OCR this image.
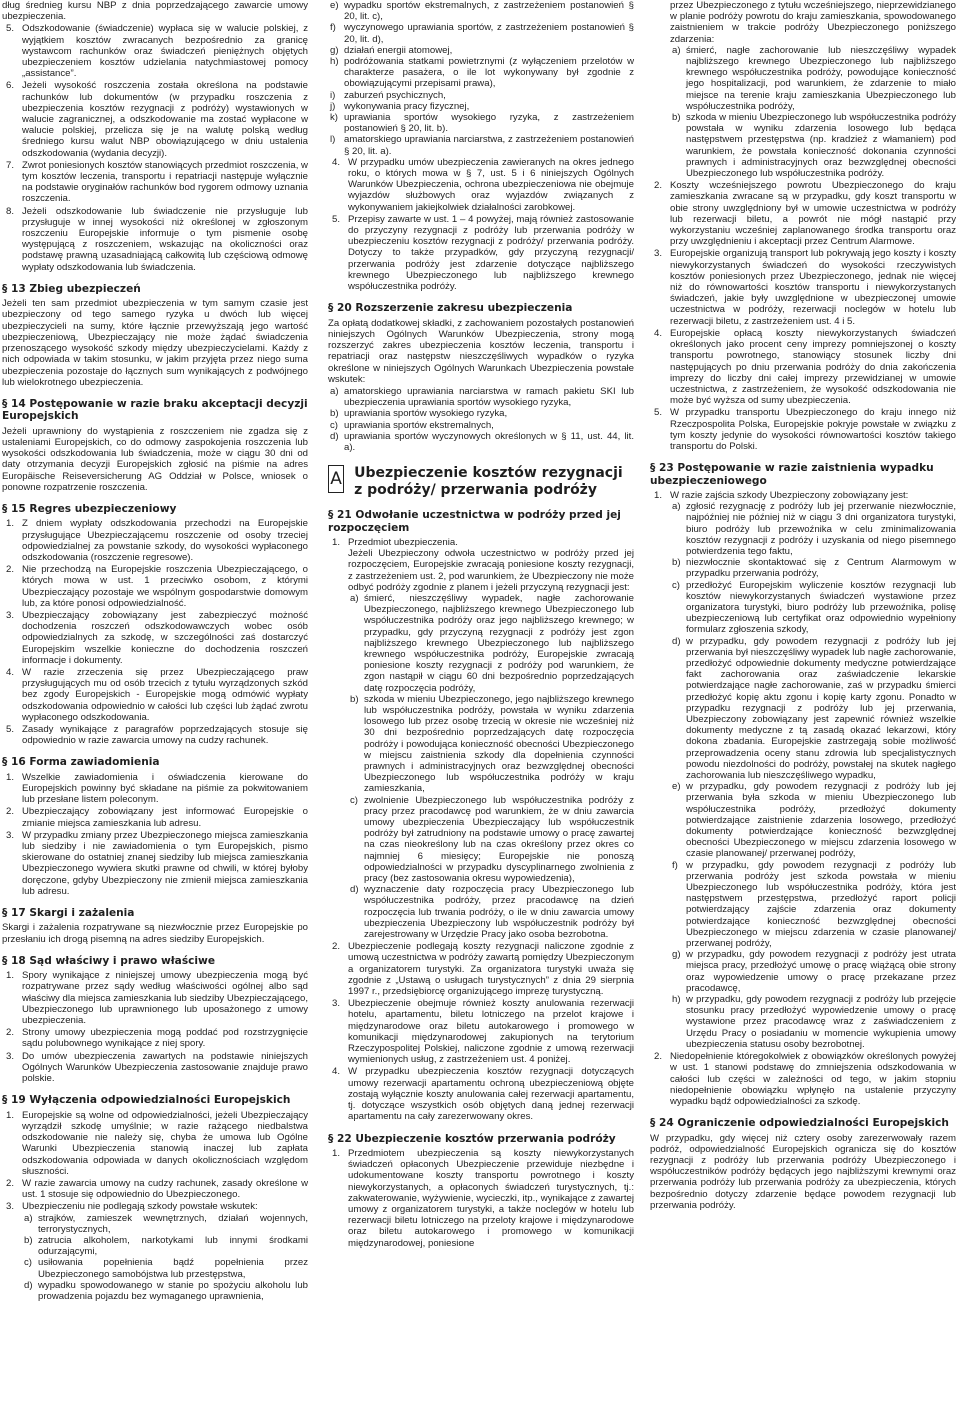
dług średnieg kursu NBP z dnia poprzedzającego zawarcie umowy ubezpieczenia.

5. Odszkodowanie (świadczenie) wypłaca się w walucie polskiej, z wyjątkiem kosztów zwracanych bezpośrednio za granicę wystawcom rachunków oraz świadczeń pieniężnych objętych ubezpieczeniem kosztów udzielania natychmiastowej pomocy „assistance”.
6. Jeżeli wysokość roszczenia została określona na podstawie rachunków lub dokumentów (w przypadku roszczenia z ubezpieczenia kosztów rezygnacji z podróży) wystawionych w walucie zagranicznej, a odszkodowanie ma zostać wypłacone w walucie polskiej, przelicza się je na walutę polską według średniego kursu walut NBP obowiązującego w dniu ustalenia odszkodowania (wydania decyzji).
7. Zwrot poniesionych kosztów stanowiących przedmiot roszczenia, w tym kosztów leczenia, transportu i repatriacji następuje wyłącznie na podstawie oryginałów rachunków bod rygorem odmowy uznania roszczenia.
8. Jeżeli odszkodowanie lub świadczenie nie przysługuje lub przysługuje w innej wysokości niż określonej w zgłoszonym roszczeniu Europejskie informuje o tym pismenie osobę występującą z roszczeniem, wskazując na okoliczności oraz podstawę prawną uzasadniającą całkowitą lub częściową odmowę wypłaty odszkodowania lub świadczenia.
§ 13 Zbieg ubezpieczeń

Jeżeli ten sam przedmiot ubezpieczenia w tym samym czasie jest ubezpieczony od tego samego ryzyka u dwóch lub więcej ubezpieczycieli na sumy, które łącznie przewyższają jego wartość ubezpieczeniową, Ubezpieczający nie może żądać świadczenia przenoszącego wysokość szkody między ubezpieczycielami. Każdy z nich odpowiada w takim stosunku, w jakim przyjęta przez niego suma ubezpieczenia pozostaje do łącznych sum wynikających z podwójnego lub wielokrotnego ubezpieczenia.

§ 14 Postępowanie w razie braku akceptacji decyzji Europejskich

Jeżeli uprawniony do wystąpienia z roszczeniem nie zgadza się z ustaleniami Europejskich, co do odmowy zaspokojenia roszczenia lub wysokości odszkodowania lub świadczenia, może w ciągu 30 dni od daty otrzymania decyzji Europejskich zgłosić na piśmie na adres Europäische Reiseversicherung AG Oddział w Polsce, wniosek o ponowne rozpatrzenie roszczenia.

§ 15 Regres ubezpieczeniowy
1. Z dniem wypłaty odszkodowania przechodzi na Europejskie przysługujące Ubezpieczającemu roszczenie od osoby trzeciej odpowiedzialnej za powstanie szkody, do wysokości wypłaconego odszkodowania (roszczenie regresowe).
2. Nie przechodzą na Europejskie roszczenia Ubezpieczającego, o których mowa w ust. 1 przeciwko osobom, z którymi Ubezpieczający pozostaje we wspólnym gospodarstwie domowym lub, za które ponosi odpowiedzialność.
3. Ubezpieczający zobowiązany jest zabezpieczyć możność dochodzenia roszczeń odszkodowawczych wobec osób odpowiedzialnych za szkodę, w szczególności zaś dostarczyć Europejskim wszelkie konieczne do dochodzenia roszczeń informacje i dokumenty.
4. W razie zrzeczenia się przez Ubezpieczającego praw przysługujących mu od osób trzecich z tytułu wyrządzonych szkód bez zgody Europejskich - Europejskie mogą odmówić wypłaty odszkodowania odpowiednio w całości lub części lub żądać zwrotu wypłaconego odszkodowania.
5. Zasady wynikające z paragrafów poprzedzających stosuje się odpowiednio w razie zawarcia umowy na cudzy rachunek.
§ 16 Forma zawiadomienia
1. Wszelkie zawiadomienia i oświadczenia kierowane do Europejskich powinny być składane na piśmie za pokwitowaniem lub przesłane listem poleconym.
2. Ubezpieczający zobowiązany jest informować Europejskie o zmianie miejsca zamieszkania lub adresu.
3. W przypadku zmiany przez Ubezpieczonego miejsca zamieszkania lub siedziby i nie zawiadomienia o tym Europejskich, pismo skierowane do ostatniej znanej siedziby lub miejsca zamieszkania Ubezpieczonego wywiera skutki prawne od chwili, w której byłoby doręczone, gdyby Ubezpieczony nie zmienił miejsca zamieszkania lub adresu.
§ 17 Skargi i zażalenia

Skargi i zażalenia rozpatrywane są niezwłocznie przez Europejskie po przesłaniu ich drogą pisemną na adres siedziby Europejskich.

§ 18 Sąd właściwy i prawo właściwe
1. Spory wynikające z niniejszej umowy ubezpieczenia mogą być rozpatrywane przez sądy według właściwości ogólnej albo sąd właściwy dla miejsca zamieszkania lub siedziby Ubezpieczającego, Ubezpieczonego lub uprawnionego lub uposażonego z umowy ubezpieczenia.
2. Strony umowy ubezpieczenia mogą poddać pod rozstrzygnięcie sądu polubownego wynikające z niej spory.
3. Do umów ubezpieczenia zawartych na podstawie niniejszych Ogólnych Warunków Ubezpieczenia zastosowanie znajduje prawo polskie.
§ 19 Wyłączenia odpowiedzialności Europejskich
1. Europejskie są wolne od odpowiedzialności, jeżeli Ubezpieczający wyrządził szkodę umyślnie; w razie rażącego niedbalstwa odszkodowanie nie należy się, chyba że umowa lub Ogólne Warunki Ubezpieczenia stanowią inaczej lub zapłata odszkodowania odpowiada w danych okolicznościach względom słuszności.
2. W razie zawarcia umowy na cudzy rachunek, zasady określone w ust. 1 stosuje się odpowiednio do Ubezpieczonego.
3. Ubezpieczeniu nie podlegają szkody powstałe wskutek:
a) strajków, zamieszek wewnętrznych, działań wojennych, terrorystycznych,
b) zatrucia alkoholem, narkotykami lub innymi środkami odurzającymi,
c) usiłowania popełnienia bądź popełnienia przez Ubezpieczonego samobójstwa lub przestępstwa,
d) wypadku spowodowanego w stanie po spożyciu alkoholu lub prowadzenia pojazdu bez wymaganego uprawnienia,
e) wypadku sportów ekstremalnych, z zastrzeżeniem postanowień § 20, lit. c),
f) wyczynowego uprawiania sportów, z zastrzeżeniem postanowień § 20, lit. d),
g) działań energii atomowej,
h) podróżowania statkami powietrznymi (z wyłączeniem przelotów w charakterze pasażera, o ile lot wykonywany był zgodnie z obowiązującymi przepisami prawa),
i) zaburzeń psychicznych,
j) wykonywania pracy fizycznej,
k) uprawiania sportów wysokiego ryzyka, z zastrzeżeniem postanowień § 20, lit. b).
l) amatorskiego uprawiania narciarstwa, z zastrzeżeniem postanowień § 20, lit. a).
4. W przypadku umów ubezpieczenia zawieranych na okres jednego roku, o których mowa w § 7, ust. 5 i 6 niniejszych Ogólnych Warunków Ubezpieczenia, ochrona ubezpieczeniowa nie obejmuje wyjazdów służbowych oraz wyjazdów związanych z wykonywaniem jakiejkolwiek działalności zarobkowej.
5. Przepisy zawarte w ust. 1 – 4 powyżej, mają również zastosowanie do przyczyny rezygnacji z podróży lub przerwania podróży w ubezpieczeniu kosztów rezygnacji z podróży/ przerwania podróży. Dotyczy to także przypadków, gdy przyczyną rezygnacji/ przerwania podróży jest zdarzenie dotyczące najbliższego krewnego Ubezpieczonego lub najbliższego krewnego współuczestnika podróży.
§ 20 Rozszerzenie zakresu ubezpieczenia

Za opłatą dodatkowej składki, z zachowaniem pozostałych postanowień niniejszych Ogólnych Warunków Ubezpieczenia, strony mogą rozszerzyć zakres ubezpieczenia kosztów leczenia, transportu i repatriacji oraz następstw nieszczęśliwych wypadków o ryzyka określone w niniejszych Ogólnych Warunkach Ubezpieczenia powstałe wskutek:

a) amatorskiego uprawiania narciarstwa w ramach pakietu SKI lub ubezpieczenia uprawiania sportów wysokiego ryzyka,
b) uprawiania sportów wysokiego ryzyka,
c) uprawiania sportów ekstremalnych,
d) uprawiania sportów wyczynowych określonych w § 11, ust. 44, lit. a).
A Ubezpieczenie kosztów rezygnacji z podróży/ przerwania podróży
§ 21 Odwołanie uczestnictwa w podróży przed jej rozpoczęciem
1. Przedmiot ubezpieczenia.
Jeżeli Ubezpieczony odwoła uczestnictwo w podróży przed jej rozpoczęciem, Europejskie zwracają poniesione koszty rezygnacji, z zastrzeżeniem ust. 2, pod warunkiem, że Ubezpieczony nie może odbyć podróży zgodnie z planem i jeżeli przyczyną rezygnacji jest:
a) śmierć, nieszczęśliwy wypadek, nagłe zachorowanie Ubezpieczonego, najbliższego krewnego Ubezpieczonego lub współuczestnika podróży oraz jego najbliższego krewnego; w przypadku, gdy przyczyną rezygnacji z podróży jest zgon najbliższego krewnego Ubezpieczonego lub najbliższego krewnego współuczestnika podróży, Europejskie zwracają poniesione koszty rezygnacji z podróży pod warunkiem, że zgon nastąpił w ciągu 60 dni bezpośrednio poprzedzających datę rozpoczęcia podróży,
b) szkoda w mieniu Ubezpieczonego, jego najbliższego krewnego lub współuczestnika podróży, powstała w wyniku zdarzenia losowego lub przez osobę trzecią w okresie nie wcześniej niż 30 dni bezpośrednio poprzedzających datę rozpoczęcia podróży i powodująca konieczność obecności Ubezpieczonego w miejscu zaistnienia szkody dla dopełnienia czynności prawnych i administracyjnych oraz bezwzględnej obecności Ubezpieczonego lub współuczestnika podróży w kraju zamieszkania,
c) zwolnienie Ubezpieczonego lub współuczestnika podróży z pracy przez pracodawcę pod warunkiem, że w dniu zawarcia umowy ubezpieczenia Ubezpieczający lub współuczestnik podróży był zatrudniony na podstawie umowy o pracę zawartej na czas nieokreślony lub na czas określony przez okres co najmniej 6 miesięcy; Europejskie nie ponoszą odpowiedzialności w przypadku dyscyplinarnego zwolnienia z pracy (bez zastosowania okresu wypowiedzenia),
d) wyznaczenie daty rozpoczęcia pracy Ubezpieczonego lub współuczestnika podróży, przez pracodawcę na dzień rozpoczęcia lub trwania podróży, o ile w dniu zawarcia umowy ubezpieczenia Ubezpieczony lub współuczestnik podróży był zarejestrowany w Urzędzie Pracy jako osoba bezrobotna.
2. Ubezpieczenie podlegają koszty rezygnacji naliczone zgodnie z umową uczestnictwa w podróży zawartą pomiędzy Ubezpieczonym a organizatorem turystyki. Za organizatora turystyki uważa się zgodnie z „Ustawą o usługach turystycznych” z dnia 29 sierpnia 1997 r., przedsiębiorcę organizującego imprezę turystyczną.
3. Ubezpieczenie obejmuje również koszty anulowania rezerwacji hotelu, apartamentu, biletu lotniczego na przelot krajowe i międzynarodowe oraz biletu autokarowego i promowego w komunikacji międzynarodowej zakupionych na terytorium Rzeczypospolitej Polskiej, naliczone zgodnie z umową rezerwacji wymienionych usług, z zastrzeżeniem ust. 4 poniżej.
4. W przypadku ubezpieczenia kosztów rezygnacji dotyczących umowy rezerwacji apartamentu ochroną ubezpieczeniową objęte zostają wyłącznie koszty anulowania całej rezerwacji apartamentu, tj. dotyczące wszystkich osób objętych daną jednej rezerwacji apartamentu na cały zarezerwowany okres.
§ 22 Ubezpieczenie kosztów przerwania podróży
1. Przedmiotem ubezpieczenia są koszty niewykorzystanych świadczeń opłaconych Ubezpieczenie przewiduje niezbędne i udokumentowane koszty transportu powrotnego i koszty niewykorzystanych, a opłaconych świadczeń turystycznych, tj.: zakwaterowanie, wyżywienie, wycieczki, itp., wynikające z zawartej umowy z organizatorem turystyki, a także noclegów w hotelu lub rezerwacji biletu lotniczego na przeloty krajowe i międzynarodowe oraz biletu autokarowego i promowego w komunikacji międzynarodowej, poniesione
przez Ubezpieczonego z tytułu wcześniejszego, nieprzewidzianego w planie podróży powrotu do kraju zamieszkania, spowodowanego zaistnieniem w trakcie podróży Ubezpieczonego poniższego zdarzenia:
a) śmierć, nagłe zachorowanie lub nieszczęśliwy wypadek najbliższego krewnego Ubezpieczonego lub najbliższego krewnego współuczestnika podróży, powodujące konieczność jego hospitalizacji, pod warunkiem, że zdarzenie to miało miejsce na terenie kraju zamieszkania Ubezpieczonego lub współuczestnika podróży,
b) szkoda w mieniu Ubezpieczonego lub współuczestnika podróży powstała w wyniku zdarzenia losowego lub będąca następstwem przestępstwa (np. kradzież z włamaniem) pod warunkiem, że powstała konieczność dokonania czynności prawnych i administracyjnych oraz bezwzględnej obecności Ubezpieczonego lub współuczestnika podróży.
2. Koszty wcześniejszego powrotu Ubezpieczonego do kraju zamieszkania zwracane są w przypadku, gdy koszt transportu w obie strony uwzględniony był w umowie uczestnictwa w podróży lub rezerwacji biletu, a powrót nie mógł nastąpić przy wykorzystaniu wcześniej zaplanowanego środka transportu oraz przy uwzględnieniu i akceptacji przez Centrum Alarmowe.
3. Europejskie organizują transport lub pokrywają jego koszty i koszty niewykorzystanych świadczeń do wysokości rzeczywistych kosztów poniesionych przez Ubezpieczonego, jednak nie więcej niż do równowartości kosztów transportu i niewykorzystanych świadczeń, jakie były uwzględnione w ubezpieczonej umowie uczestnictwa w podróży, rezerwacji noclegów w hotelu lub rezerwacji biletu, z zastrzeżeniem ust. 4 i 5.
4. Europejskie opłacą koszty niewykorzystanych świadczeń określonych jako procent ceny imprezy pomniejszonej o koszty transportu powrotnego, stanowiący stosunek liczby dni następujących po dniu przerwania podróży do dnia zakończenia imprezy do liczby dni całej imprezy przewidzianej w umowie uczestnictwa, z zastrzeżeniem, że wysokość odszkodowania nie może być wyższa od sumy ubezpieczenia.
5. W przypadku transportu Ubezpieczonego do kraju innego niż Rzeczpospolita Polska, Europejskie pokryje powstałe w związku z tym koszty jedynie do wysokości równowartości kosztów takiego transportu do Polski.
§ 23 Postępowanie w razie zaistnienia wypadku ubezpieczeniowego
1. W razie zajścia szkody Ubezpieczony zobowiązany jest:
a) zgłosić rezygnację z podróży lub jej przerwanie niezwłocznie, najpóźniej nie później niż w ciągu 3 dni organizatora turystyki, biuro podróży lub przewoźnika w celu zminimalizowania kosztów rezygnacji z podróży i uzyskania od niego pisemnego potwierdzenia tego faktu,
b) niezwłocznie skontaktować się z Centrum Alarmowym w przypadku przerwania podróży,
c) przedłożyć Europejskim wyliczenie kosztów rezygnacji lub kosztów niewykorzystanych świadczeń wystawione przez organizatora turystyki, biuro podróży lub przewoźnika, polisę ubezpieczeniową lub certyfikat oraz odpowiednio wypełniony formularz zgłoszenia szkody,
d) w przypadku, gdy powodem rezygnacji z podróży lub jej przerwania był nieszczęśliwy wypadek lub nagłe zachorowanie, przedłożyć odpowiednie dokumenty medyczne potwierdzające fakt zachorowania oraz zaświadczenie lekarskie potwierdzające nagłe zachorowanie, zaś w przypadku śmierci przedłożyć kopię aktu zgonu i kopię karty zgonu. Ponadto w przypadku rezygnacji z podróży lub jej przerwania, Ubezpieczony zobowiązany jest zapewnić również wszelkie dokumenty medyczne z tą zasadą okazać lekarzowi, który dokona zbadania. Europejskie zastrzegają sobie możliwość przeprowadzenia oceny stanu zdrowia lub specjalistycznych powodu niezdolności do podróży, powstałej na skutek nagłego zachorowania lub nieszczęśliwego wypadku,
e) w przypadku, gdy powodem rezygnacji z podróży lub jej przerwania była szkoda w mieniu Ubezpieczonego lub współuczestnika podróży, przedłożyć dokumenty potwierdzające zaistnienie zdarzenia losowego, przedłożyć dokumenty potwierdzające konieczność bezwzględnej obecności Ubezpieczonego w miejscu zdarzenia losowego w czasie planowanej/ przerwanej podróży,
f) w przypadku, gdy powodem rezygnacji z podróży lub przerwania podróży jest szkoda powstała w mieniu Ubezpieczonego lub współuczestnika podróży, która jest następstwem przestępstwa, przedłożyć raport policji potwierdzający zajście zdarzenia oraz dokumenty potwierdzające konieczność bezwzględnej obecności Ubezpieczonego w miejscu zdarzenia w czasie planowanej/ przerwanej podróży,
g) w przypadku, gdy powodem rezygnacji z podróży jest utrata miejsca pracy, przedłożyć umowę o pracę wiążącą obie strony oraz wypowiedzenie umowy o pracę przekazane przez pracodawcę,
h) w przypadku, gdy powodem rezygnacji z podróży lub przejęcie stosunku pracy przedłożyć wypowiedzenie umowy o pracę wystawione przez pracodawcę wraz z zaświadczeniem z Urzędu Pracy o posiadaniu w momencie wykupienia umowy ubezpieczenia statusu osoby bezrobotnej.
2. Niedopełnienie któregokolwiek z obowiązków określonych powyżej w ust. 1 stanowi podstawę do zmniejszenia odszkodowania w całości lub części w zależności od tego, w jakim stopniu niedopełnienie obowiązku wpłynęło na ustalenie przyczyny wypadku bądź odpowiedzialności za szkodę.
§ 24 Ograniczenie odpowiedzialności Europejskich

W przypadku, gdy więcej niż cztery osoby zarezerwowały razem podróż, odpowiedzialność Europejskich ogranicza się do kosztów rezygnacji z podróży lub przerwania podróży Ubezpieczonego i współuczestników podróży będących jego najbliższymi krewnymi oraz przerwania podróży lub przerwania podróży za ubezpieczenia, których bezpośrednio dotyczy zdarzenie będące powodem rezygnacji lub przerwania podróży.
